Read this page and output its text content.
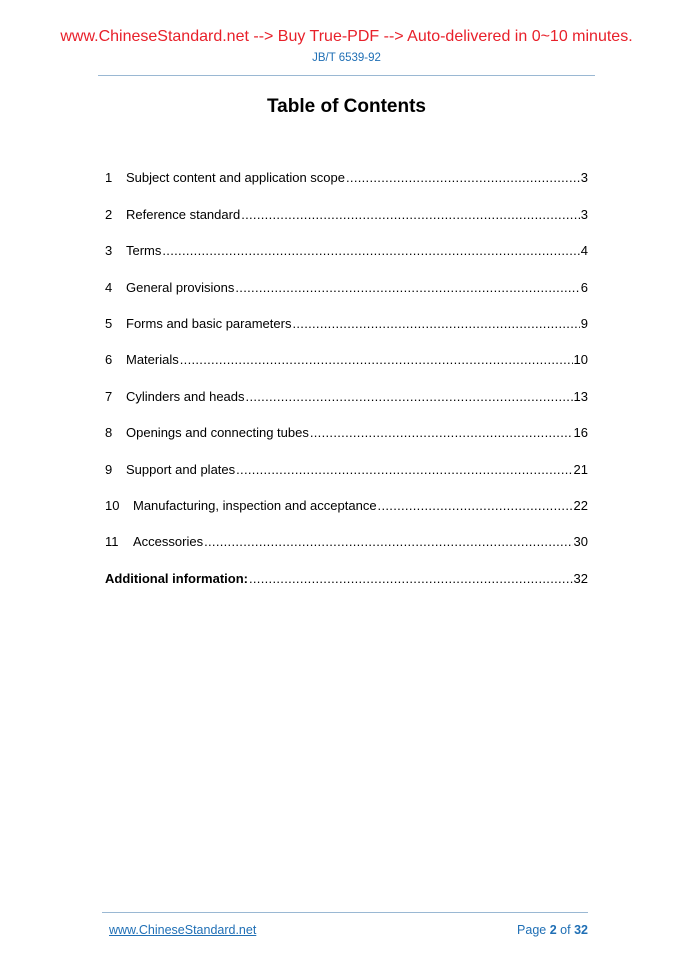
www.ChineseStandard.net --> Buy True-PDF --> Auto-delivered in 0~10 minutes.
JB/T 6539-92
Table of Contents
1	Subject content and application scope .....	3
2	Reference standard .....	3
3	Terms .....	4
4	General provisions .....	6
5	Forms and basic parameters .....	9
6	Materials .....	10
7	Cylinders and heads .....	13
8	Openings and connecting tubes .....	16
9	Support and plates .....	21
10	Manufacturing, inspection and acceptance .....	22
11	Accessories .....	30
Additional information: .....	32
www.ChineseStandard.net	Page 2 of 32
